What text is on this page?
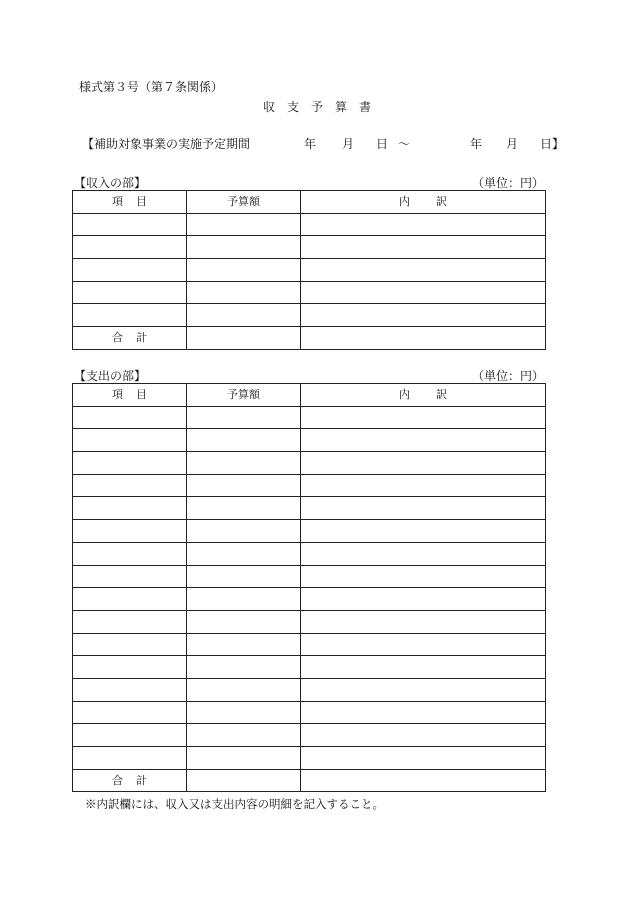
様式第３号（第７条関係）
収支予算書
【補助対象事業の実施予定期間	年 月 日 ～	年 月 日】
【収入の部】	（単位：円）
項目	予算額	内訳

合計		
【支出の部】	（単位：円）
項目	予算額	内訳

合計		
※内訳欄には、収入又は支出内容の明細を記入すること。
